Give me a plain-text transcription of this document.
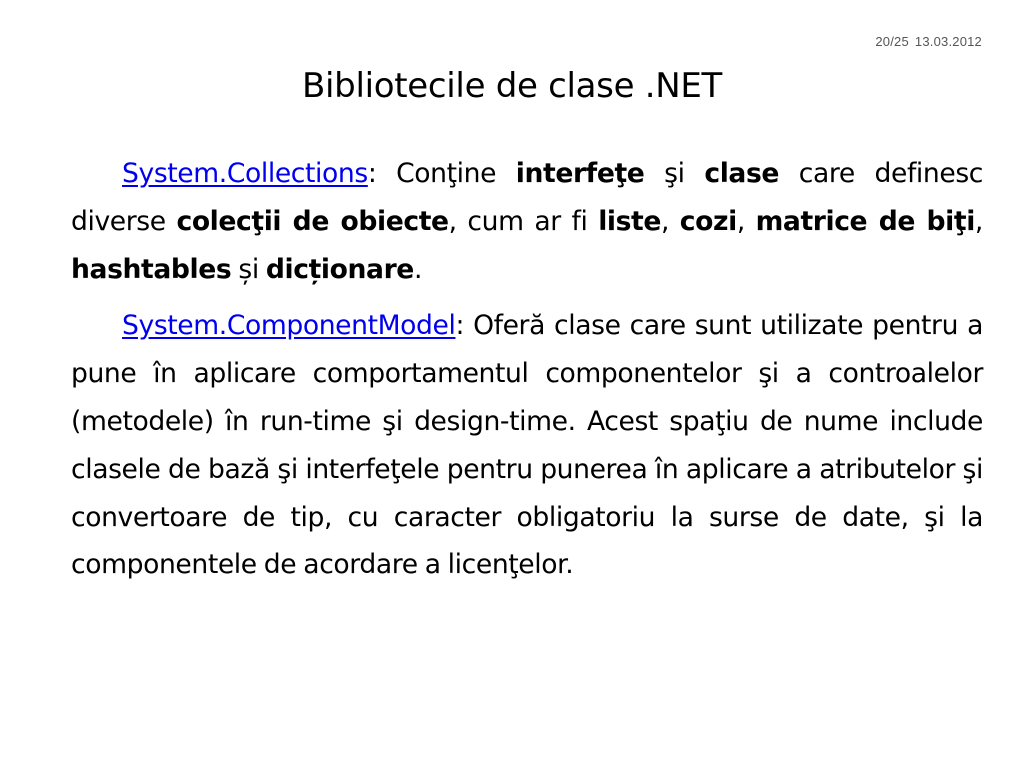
20/25 13.03.2012
Bibliotecile de clase .NET

System.Collections: Conţine interfeţe şi clase care definesc diverse colecţii de obiecte, cum ar fi liste, cozi, matrice de biţi, hashtables și dicționare.

System.ComponentModel: Oferă clase care sunt utilizate pentru a pune în aplicare comportamentul componentelor şi a controalelor (metodele) în run-time şi design-time. Acest spaţiu de nume include clasele de bază şi interfeţele pentru punerea în aplicare a atributelor şi convertoare de tip, cu caracter obligatoriu la surse de date, şi la componentele de acordare a licenţelor.
